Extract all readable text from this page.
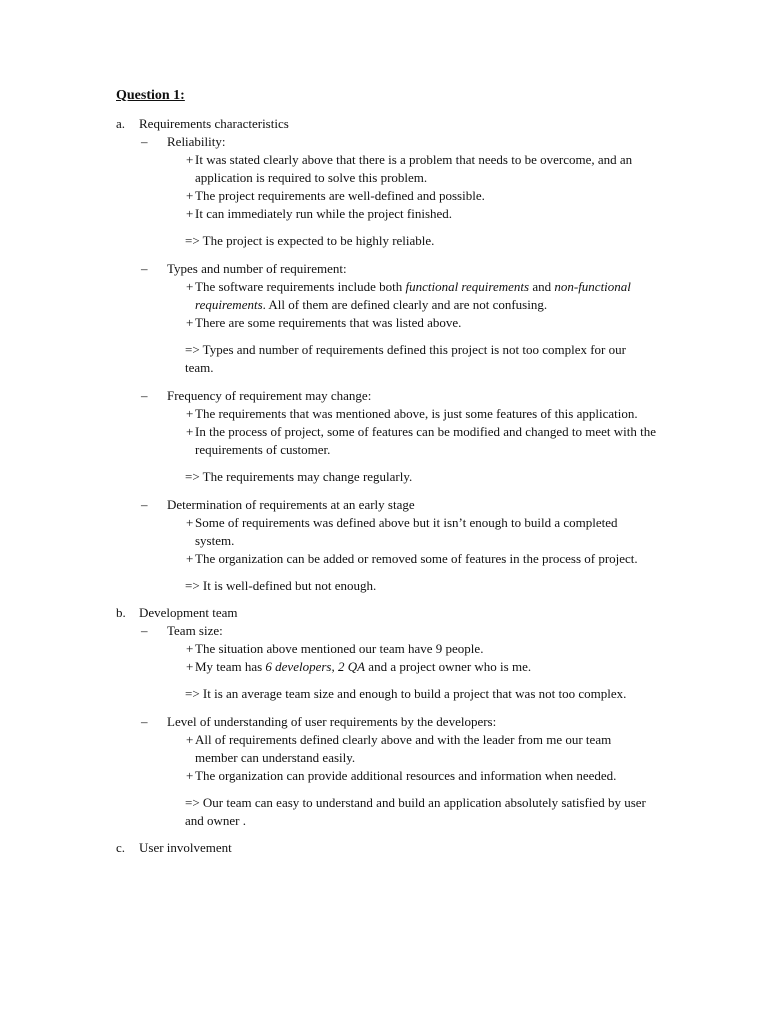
Question 1:
a.	Requirements characteristics
–	Reliability:
+ It was stated clearly above that there is a problem that needs to be overcome, and an application is required to solve this problem.
+ The project requirements are well-defined and possible.
+ It can immediately run while the project finished.
=> The project is expected to be highly reliable.
–	Types and number of requirement:
+ The software requirements include both functional requirements and non-functional requirements. All of them are defined clearly and are not confusing.
+ There are some requirements that was listed above.
=> Types and number of requirements defined this project is not too complex for our team.
–	Frequency of requirement may change:
+ The requirements that was mentioned above, is just some features of this application.
+ In the process of project, some of features can be modified and changed to meet with the requirements of customer.
=> The requirements may change regularly.
–	Determination of requirements at an early stage
+ Some of requirements was defined above but it isn’t enough to build a completed system.
+ The organization can be added or removed some of features in the process of project.
=> It is well-defined but not enough.
b.	Development team
–	Team size:
+ The situation above mentioned our team have 9 people.
+ My team has 6 developers, 2 QA and a project owner who is me.
=> It is an average team size and enough to build a project that was not too complex.
–	Level of understanding of user requirements by the developers:
+ All of requirements defined clearly above and with the leader from me our team member can understand easily.
+ The organization can provide additional resources and information when needed.
=> Our team can easy to understand and build an application absolutely satisfied by user and owner .
c.	User involvement
